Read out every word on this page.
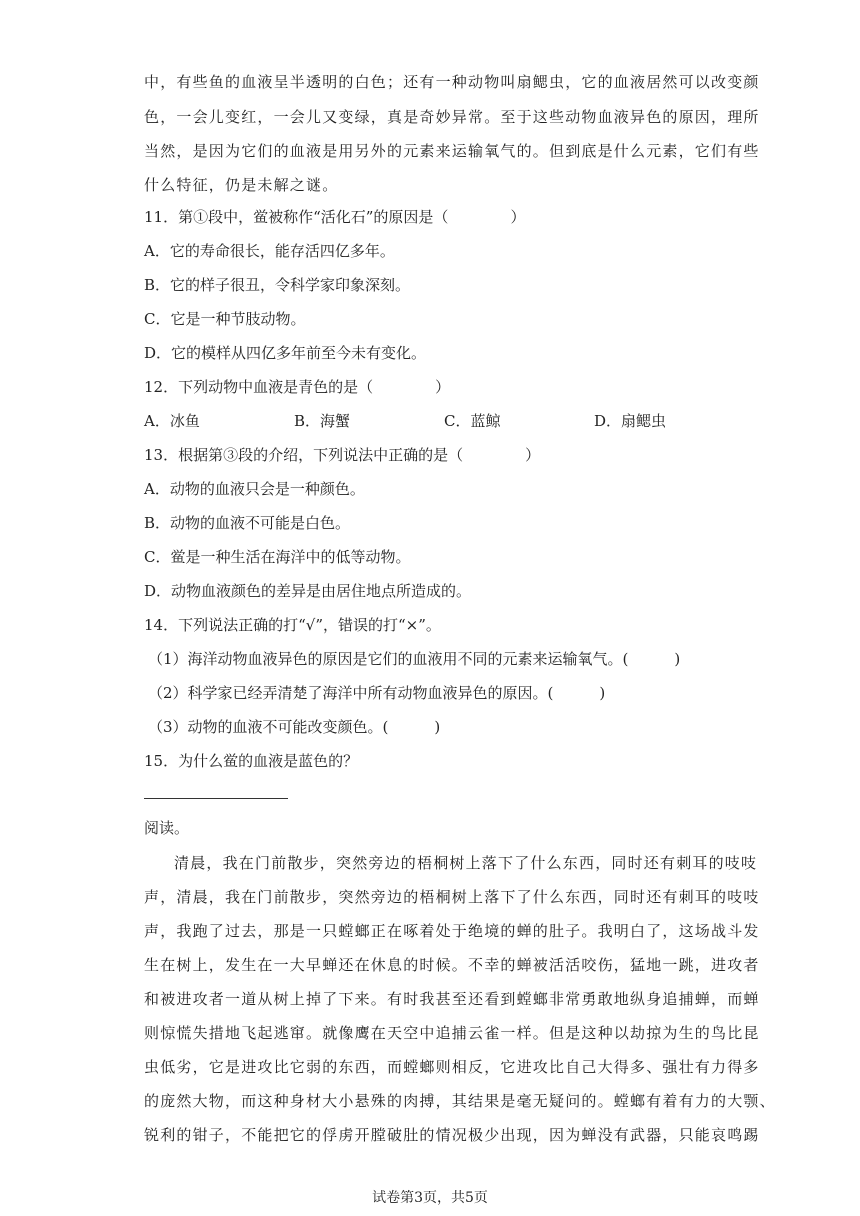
中，有些鱼的血液呈半透明的白色；还有一种动物叫扇鳃虫，它的血液居然可以改变颜
色，一会儿变红，一会儿又变绿，真是奇妙异常。至于这些动物血液异色的原因，理所
当然，是因为它们的血液是用另外的元素来运输氧气的。但到底是什么元素，它们有些
什么特征，仍是未解之谜。
11．第①段中，鲎被称作“活化石”的原因是（	）
A．它的寿命很长，能存活四亿多年。
B．它的样子很丑，令科学家印象深刻。
C．它是一种节肢动物。
D．它的模样从四亿多年前至今未有变化。
12．下列动物中血液是青色的是（	）
A．冰鱼	B．海蟹	C．蓝鲸	D．扇鳃虫
13．根据第③段的介绍，下列说法中正确的是（	）
A．动物的血液只会是一种颜色。
B．动物的血液不可能是白色。
C．鲎是一种生活在海洋中的低等动物。
D．动物血液颜色的差异是由居住地点所造成的。
14．下列说法正确的打“√”，错误的打“×”。
（1）海洋动物血液异色的原因是它们的血液用不同的元素来运输氧气。(	)
（2）科学家已经弄清楚了海洋中所有动物血液异色的原因。(	)
（3）动物的血液不可能改变颜色。(	)
15．为什么鲎的血液是蓝色的？
阅读。
清晨，我在门前散步，突然旁边的梧桐树上落下了什么东西，同时还有刺耳的吱吱
声，清晨，我在门前散步，突然旁边的梧桐树上落下了什么东西，同时还有刺耳的吱吱
声，我跑了过去，那是一只螳螂正在啄着处于绝境的蝉的肚子。我明白了，这场战斗发
生在树上，发生在一大早蝉还在休息的时候。不幸的蝉被活活咬伤，猛地一跳，进攻者
和被进攻者一道从树上掉了下来。有时我甚至还看到螳螂非常勇敢地纵身追捕蝉，而蝉
则惊慌失措地飞起逃窜。就像鹰在天空中追捕云雀一样。但是这种以劫掠为生的鸟比昆
虫低劣，它是进攻比它弱的东西，而螳螂则相反，它进攻比自己大得多、强壮有力得多
的庞然大物，而这种身材大小悬殊的肉搏，其结果是毫无疑问的。螳螂有着有力的大颚、
锐利的钳子，不能把它的俘虏开膛破肚的情况极少出现，因为蝉没有武器，只能哀鸣踢
试卷第3页，共5页
